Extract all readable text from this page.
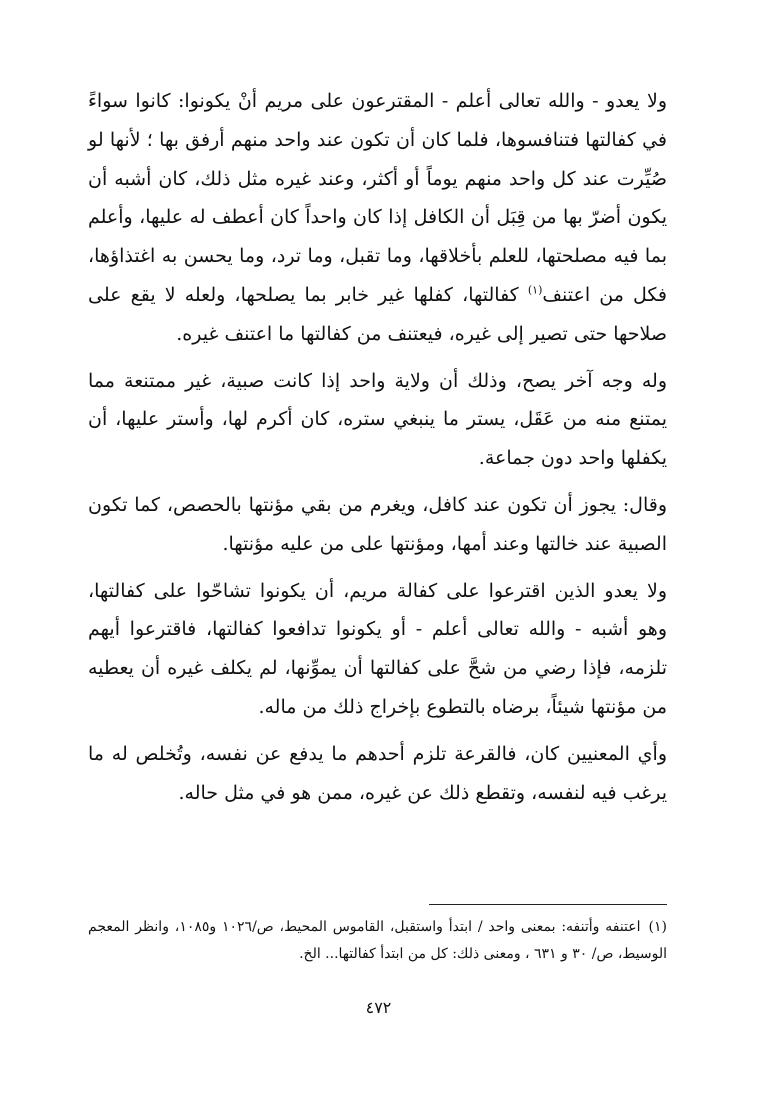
ولا يعدو - والله تعالى أعلم - المقترعون على مريم أنْ يكونوا: كانوا سواءً في كفالتها فتنافسوها، فلما كان أن تكون عند واحد منهم أرفق بها ؛ لأنها لو صُيِّرت عند كل واحد منهم يوماً أو أكثر، وعند غيره مثل ذلك، كان أشبه أن يكون أضرّ بها من قِبَل أن الكافل إذا كان واحداً كان أعطف له عليها، وأعلم بما فيه مصلحتها، للعلم بأخلاقها، وما تقبل، وما ترد، وما يحسن به اغتذاؤها، فكل من اعتنف$^{(١)}$ كفالتها، كفلها غير خابر بما يصلحها، ولعله لا يقع على صلاحها حتى تصير إلى غيره، فيعتنف من كفالتها ما اعتنف غيره.

وله وجه آخر يصح، وذلك أن ولاية واحد إذا كانت صبية، غير ممتنعة مما يمتنع منه من عَقَل، يستر ما ينبغي ستره، كان أكرم لها، وأستر عليها، أن يكفلها واحد دون جماعة.

وقال: يجوز أن تكون عند كافل، ويغرم من بقي مؤنتها بالحصص، كما تكون الصبية عند خالتها وعند أمها، ومؤنتها على من عليه مؤنتها.

ولا يعدو الذين اقترعوا على كفالة مريم، أن يكونوا تشاحّوا على كفالتها، وهو أشبه - والله تعالى أعلم - أو يكونوا تدافعوا كفالتها، فاقترعوا أيهم تلزمه، فإذا رضي من شحَّ على كفالتها أن يموِّنها، لم يكلف غيره أن يعطيه من مؤنتها شيئاً، برضاه بالتطوع بإخراج ذلك من ماله.

وأي المعنيين كان، فالقرعة تلزم أحدهم ما يدفع عن نفسه، وتُخلص له ما يرغب فيه لنفسه، وتقطع ذلك عن غيره، ممن هو في مثل حاله.

(١)اعتنفه وأتنفه: بمعنى واحد / ابتدأ واستقبل، القاموس المحيط، ص/١٠٢٦ و١٠٨٥، وانظر المعجم الوسيط، ص/ ٣٠ و ٦٣١ ، ومعنى ذلك: كل من ابتدأ كفالتها... الخ.

٤٧٢
